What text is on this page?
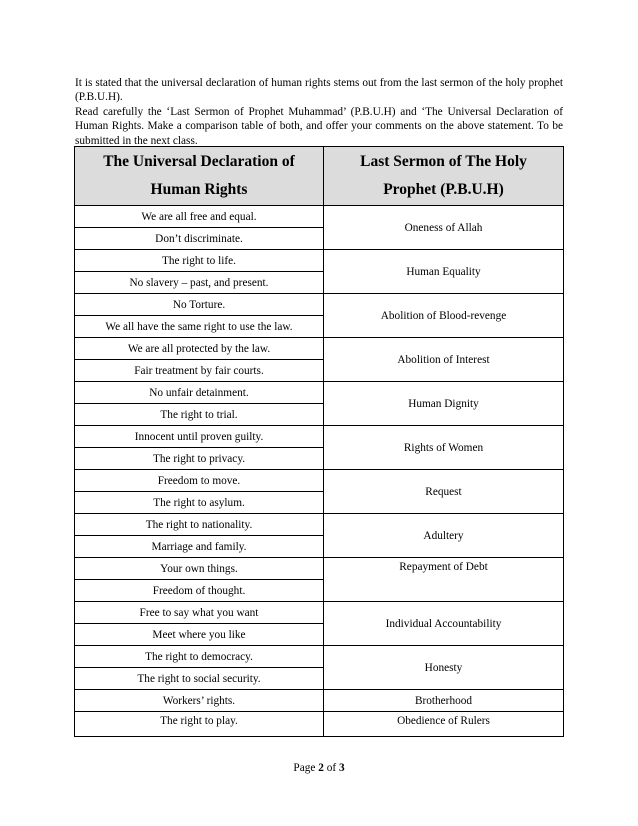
It is stated that the universal declaration of human rights stems out from the last sermon of the holy prophet (P.B.U.H).

Read carefully the ‘Last Sermon of Prophet Muhammad’ (P.B.U.H) and ‘The Universal Declaration of Human Rights. Make a comparison table of both, and offer your comments on the above statement. To be submitted in the next class.

The Universal Declaration of Human Rights	Last Sermon of The Holy Prophet (P.B.U.H)
We are all free and equal.	Oneness of Allah
Don’t discriminate.	
The right to life.	Human Equality
No slavery – past, and present.	
No Torture.	Abolition of Blood-revenge
We all have the same right to use the law.	
We are all protected by the law.	Abolition of Interest
Fair treatment by fair courts.	
No unfair detainment.	Human Dignity
The right to trial.	
Innocent until proven guilty.	Rights of Women
The right to privacy.	
Freedom to move.	Request
The right to asylum.	
The right to nationality.	Adultery
Marriage and family.	
Your own things.	Repayment of Debt
Freedom of thought.	
Free to say what you want	Individual Accountability
Meet where you like	
The right to democracy.	Honesty
The right to social security.	
Workers’ rights.	Brotherhood
The right to play.	Obedience of Rulers
Page 2 of 3
